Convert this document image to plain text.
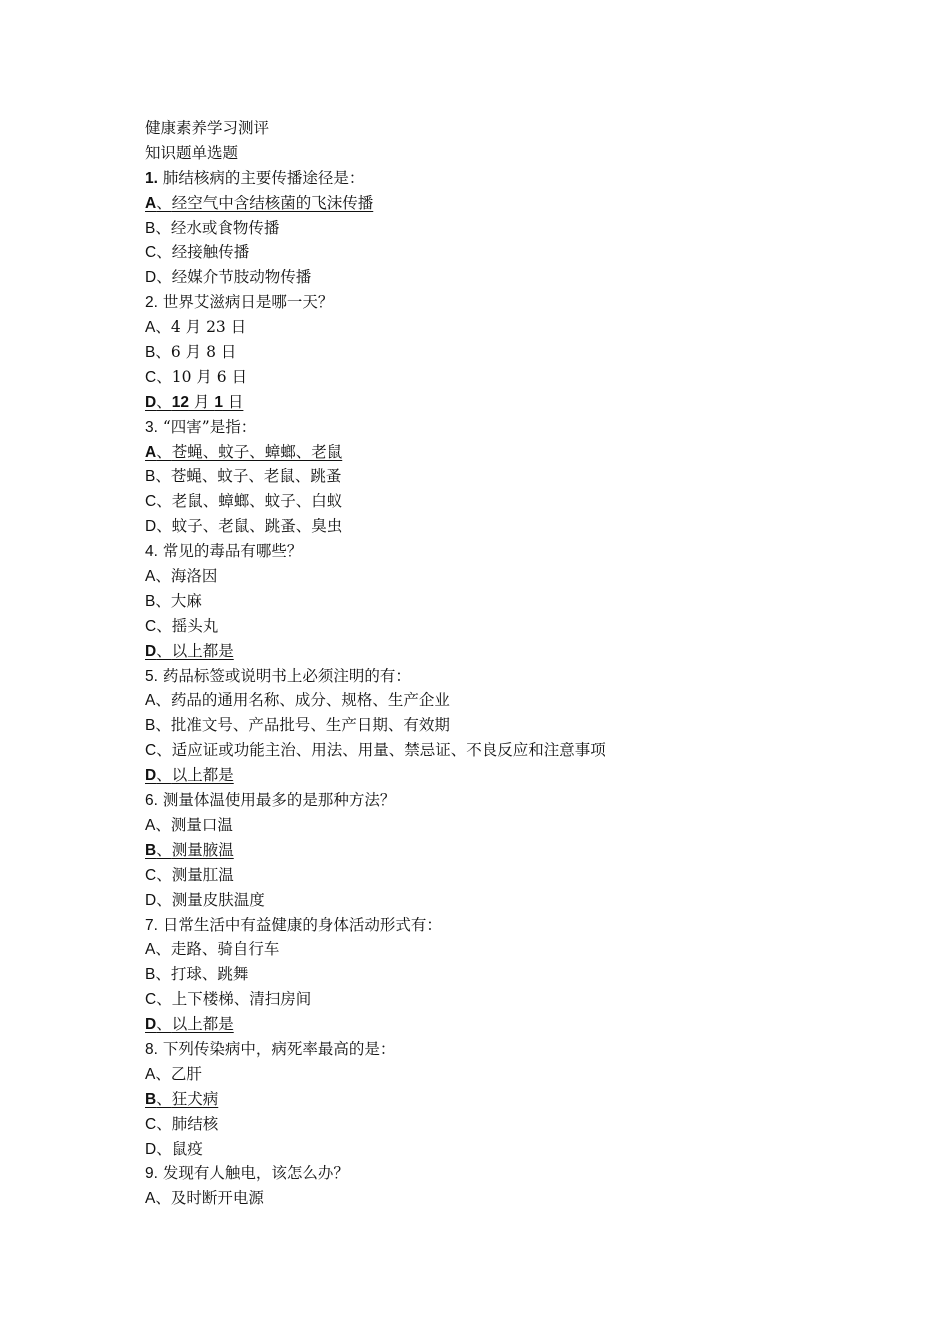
健康素养学习测评
知识题单选题
1. 肺结核病的主要传播途径是：
A、经空气中含结核菌的飞沫传播
B、经水或食物传播
C、经接触传播
D、经媒介节肢动物传播
2. 世界艾滋病日是哪一天？
A、4 月 23 日
B、6 月 8 日
C、10 月 6 日
D、12 月 1 日
3. “四害”是指：
A、苍蝇、蚊子、蟑螂、老鼠
B、苍蝇、蚊子、老鼠、跳蚤
C、老鼠、蟑螂、蚊子、白蚁
D、蚊子、老鼠、跳蚤、臭虫
4. 常见的毒品有哪些？
A、海洛因
B、大麻
C、摇头丸
D、以上都是
5. 药品标签或说明书上必须注明的有：
A、药品的通用名称、成分、规格、生产企业
B、批准文号、产品批号、生产日期、有效期
C、适应证或功能主治、用法、用量、禁忌证、不良反应和注意事项
D、以上都是
6. 测量体温使用最多的是那种方法？
A、测量口温
B、测量腋温
C、测量肛温
D、测量皮肤温度
7. 日常生活中有益健康的身体活动形式有：
A、走路、骑自行车
B、打球、跳舞
C、上下楼梯、清扫房间
D、以上都是
8. 下列传染病中，病死率最高的是：
A、乙肝
B、狂犬病
C、肺结核
D、鼠疫
9. 发现有人触电，该怎么办？
A、及时断开电源
